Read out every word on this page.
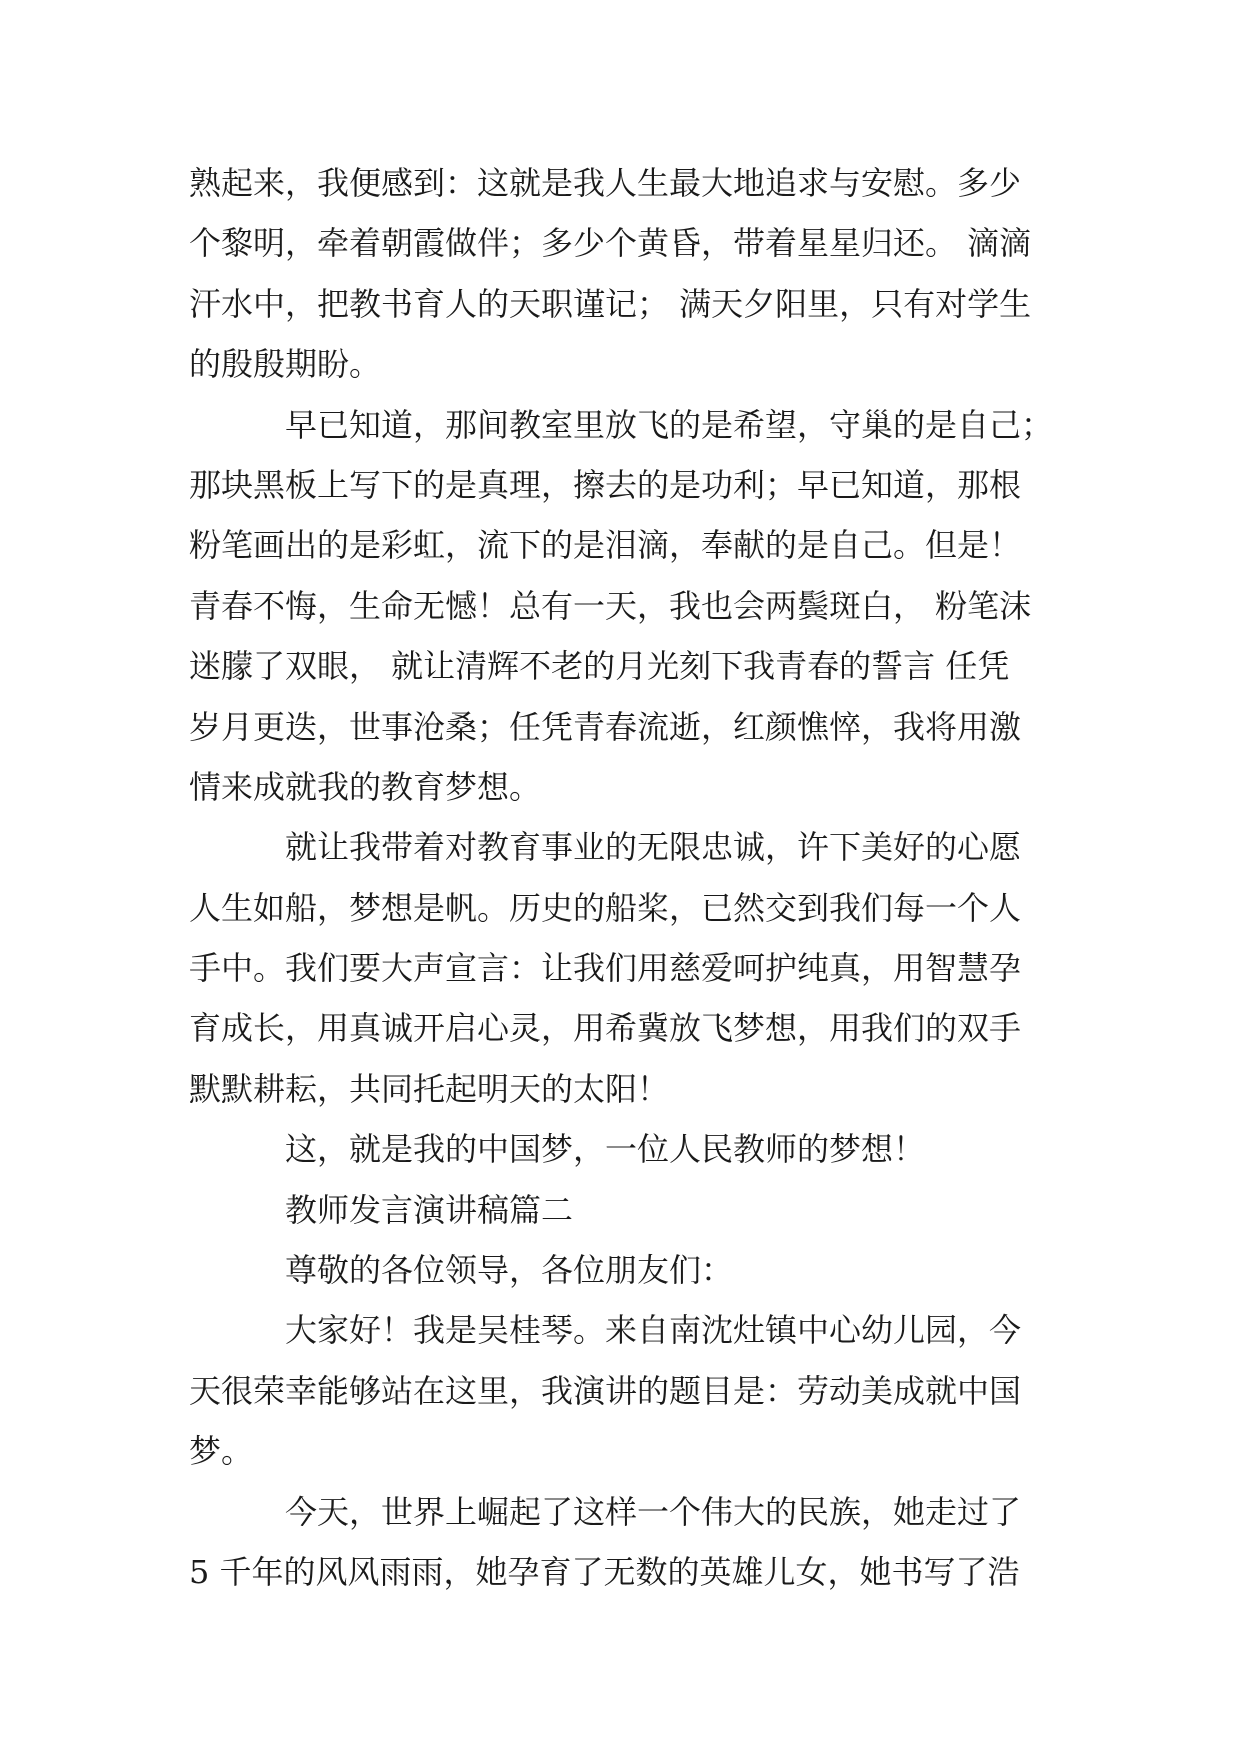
熟起来，我便感到：这就是我人生最大地追求与安慰。多少
个黎明，牵着朝霞做伴；多少个黄昏，带着星星归还。 滴滴
汗水中，把教书育人的天职谨记； 满天夕阳里，只有对学生
的殷殷期盼。
早已知道，那间教室里放飞的是希望，守巢的是自己；
那块黑板上写下的是真理，擦去的是功利；早已知道，那根
粉笔画出的是彩虹，流下的是泪滴，奉献的是自己。但是！
青春不悔，生命无憾！总有一天，我也会两鬓斑白， 粉笔沫
迷朦了双眼， 就让清辉不老的月光刻下我青春的誓言 任凭
岁月更迭，世事沧桑；任凭青春流逝，红颜憔悴，我将用激
情来成就我的教育梦想。
就让我带着对教育事业的无限忠诚，许下美好的心愿
人生如船，梦想是帆。历史的船桨，已然交到我们每一个人
手中。我们要大声宣言：让我们用慈爱呵护纯真，用智慧孕
育成长，用真诚开启心灵，用希冀放飞梦想，用我们的双手
默默耕耘，共同托起明天的太阳！
这，就是我的中国梦，一位人民教师的梦想！
教师发言演讲稿篇二
尊敬的各位领导，各位朋友们：
大家好！我是吴桂琴。来自南沈灶镇中心幼儿园，今
天很荣幸能够站在这里，我演讲的题目是：劳动美成就中国
梦。
今天，世界上崛起了这样一个伟大的民族，她走过了
5 千年的风风雨雨，她孕育了无数的英雄儿女，她书写了浩
